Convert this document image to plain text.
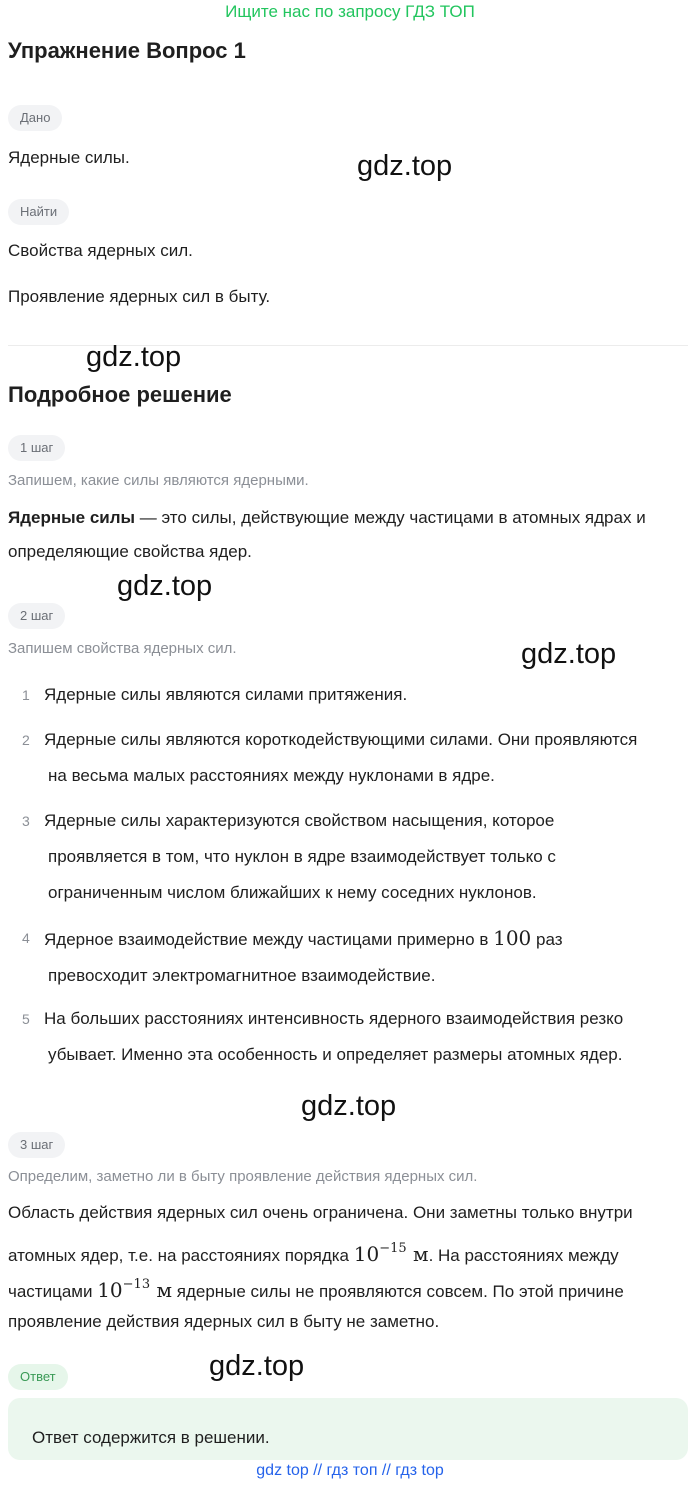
Ищите нас по запросу ГДЗ ТОП
Упражнение Вопрос 1
Дано
Ядерные силы.
Найти
Свойства ядерных сил.
Проявление ядерных сил в быту.
Подробное решение
1 шаг
Запишем, какие силы являются ядерными.
Ядерные силы — это силы, действующие между частицами в атомных ядрах и определяющие свойства ядер.
2 шаг
Запишем свойства ядерных сил.
1 Ядерные силы являются силами притяжения.
2 Ядерные силы являются короткодействующими силами. Они проявляются
на весьма малых расстояниях между нуклонами в ядре.
3 Ядерные силы характеризуются свойством насыщения, которое
проявляется в том, что нуклон в ядре взаимодействует только с
ограниченным числом ближайших к нему соседних нуклонов.
4 Ядерное взаимодействие между частицами примерно в 100 раз
превосходит электромагнитное взаимодействие.
5 На больших расстояниях интенсивность ядерного взаимодействия резко
убывает. Именно эта особенность и определяет размеры атомных ядер.
3 шаг
Определим, заметно ли в быту проявление действия ядерных сил.
Область действия ядерных сил очень ограничена. Они заметны только внутри
атомных ядер, т.е. на расстояниях порядка $10^{-15}$ м. На расстояниях между
частицами $10^{-13}$ м ядерные силы не проявляются совсем. По этой причине
проявление действия ядерных сил в быту не заметно.
Ответ
Ответ содержится в решении.
gdz.top
gdz.top
gdz.top
gdz.top
gdz.top
gdz.top
gdz top // гдз топ // гдз top
